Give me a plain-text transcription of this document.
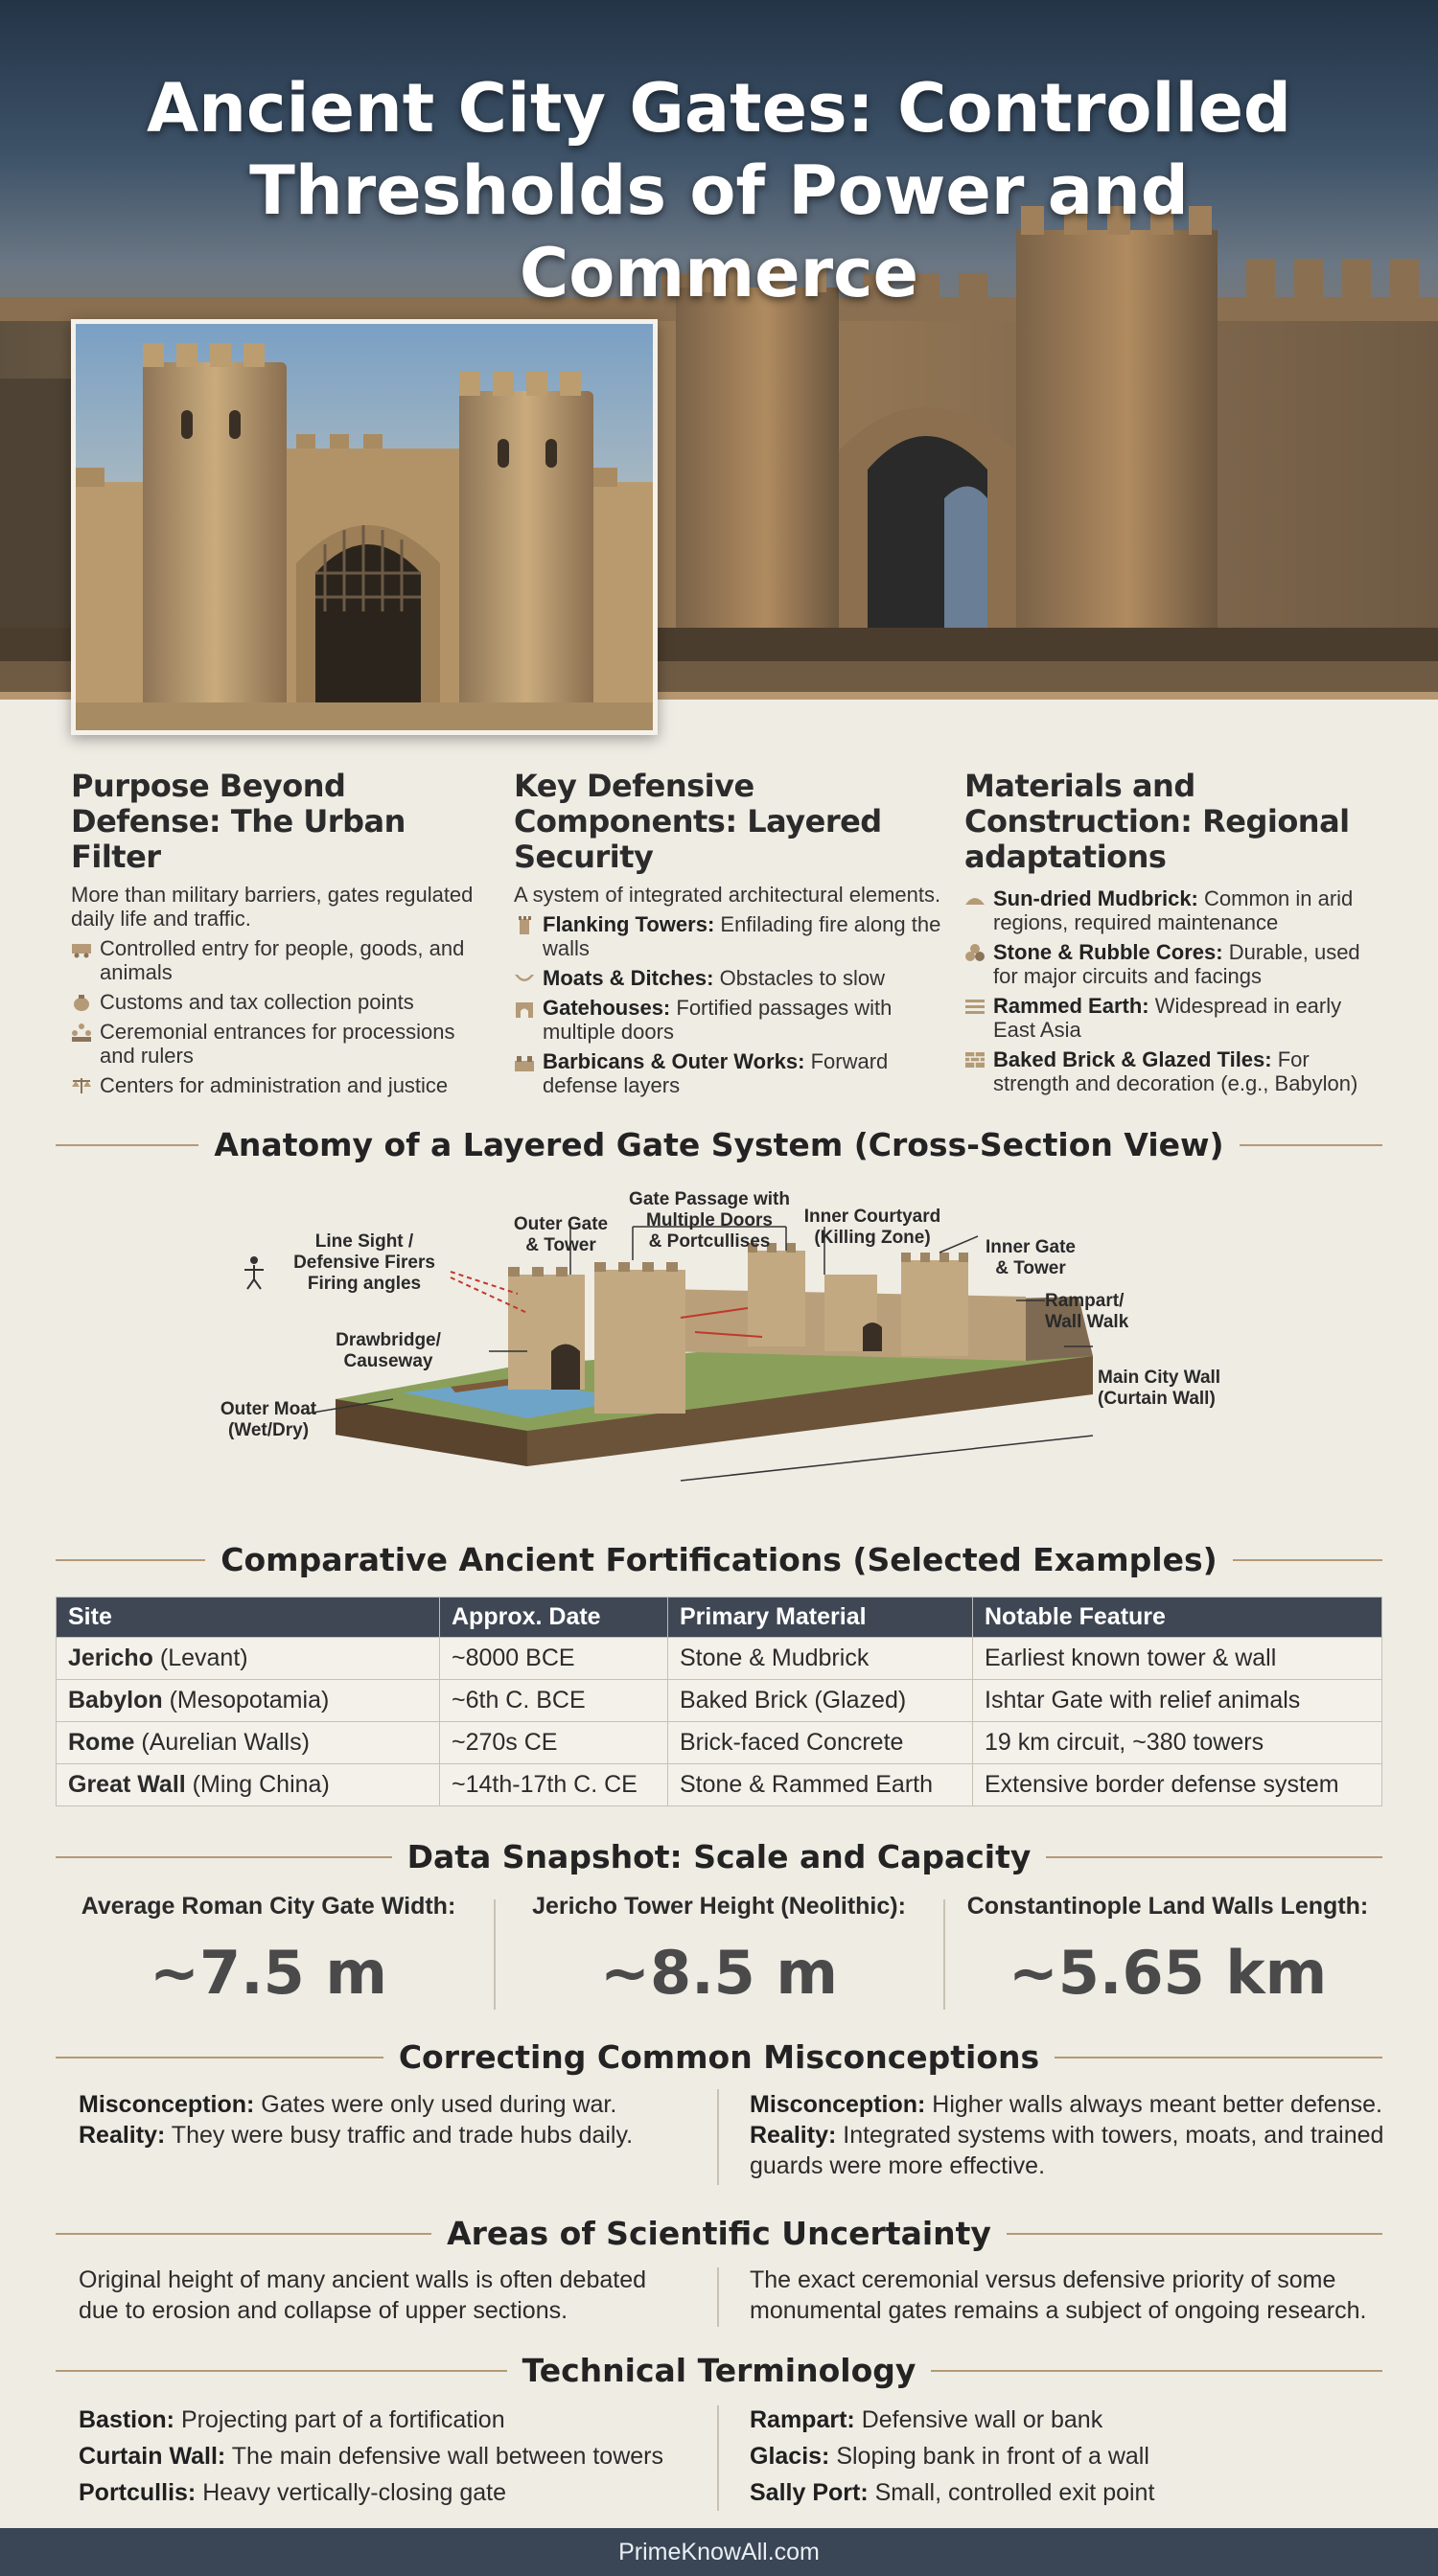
Ancient City Gates: Controlled Thresholds of Power and Commerce
Purpose Beyond Defense: The Urban Filter
More than military barriers, gates regulated daily life and traffic.
Controlled entry for people, goods, and animals
Customs and tax collection points
Ceremonial entrances for processions and rulers
Centers for administration and justice
Key Defensive Components: Layered Security
A system of integrated architectural elements.
Flanking Towers: Enfilading fire along the walls
Moats & Ditches: Obstacles to slow
Gatehouses: Fortified passages with multiple doors
Barbicans & Outer Works: Forward defense layers
Materials and Construction: Regional adaptations
Sun-dried Mudbrick: Common in arid regions, required maintenance
Stone & Rubble Cores: Durable, used for major circuits and facings
Rammed Earth: Widespread in early East Asia
Baked Brick & Glazed Tiles: For strength and decoration (e.g., Babylon)
Anatomy of a Layered Gate System (Cross-Section View)
Line Sight /
Defensive Firers
Firing angles
Outer Gate
& Tower
Gate Passage with
Multiple Doors
& Portcullises
Inner Courtyard
(Killing Zone)	Inner Gate
& Tower
Rampart/
Wall Walk
Drawbridge/
Causeway
Main City Wall
(Curtain Wall)
Outer Moat
(Wet/Dry)
Comparative Ancient Fortifications (Selected Examples)
Site	Approx. Date	Primary Material	Notable Feature
Jericho (Levant)	~8000 BCE	Stone & Mudbrick	Earliest known tower & wall
Babylon (Mesopotamia)	~6th C. BCE	Baked Brick (Glazed)	Ishtar Gate with relief animals
Rome (Aurelian Walls)	~270s CE	Brick-faced Concrete	19 km circuit, ~380 towers
Great Wall (Ming China)	~14th-17th C. CE	Stone & Rammed Earth	Extensive border defense system
Data Snapshot: Scale and Capacity
Average Roman City Gate Width:
~7.5 m
Jericho Tower Height (Neolithic):
~8.5 m
Constantinople Land Walls Length:
~5.65 km
Correcting Common Misconceptions
Misconception: Gates were only used during war.
Reality: They were busy traffic and trade hubs daily.
Misconception: Higher walls always meant better defense.
Reality: Integrated systems with towers, moats, and trained guards were more effective.
Areas of Scientific Uncertainty
Original height of many ancient walls is often debated due to erosion and collapse of upper sections.
The exact ceremonial versus defensive priority of some monumental gates remains a subject of ongoing research.
Technical Terminology
Bastion: Projecting part of a fortification
Curtain Wall: The main defensive wall between towers
Portcullis: Heavy vertically-closing gate
Rampart: Defensive wall or bank
Glacis: Sloping bank in front of a wall
Sally Port: Small, controlled exit point
PrimeKnowAll.com
